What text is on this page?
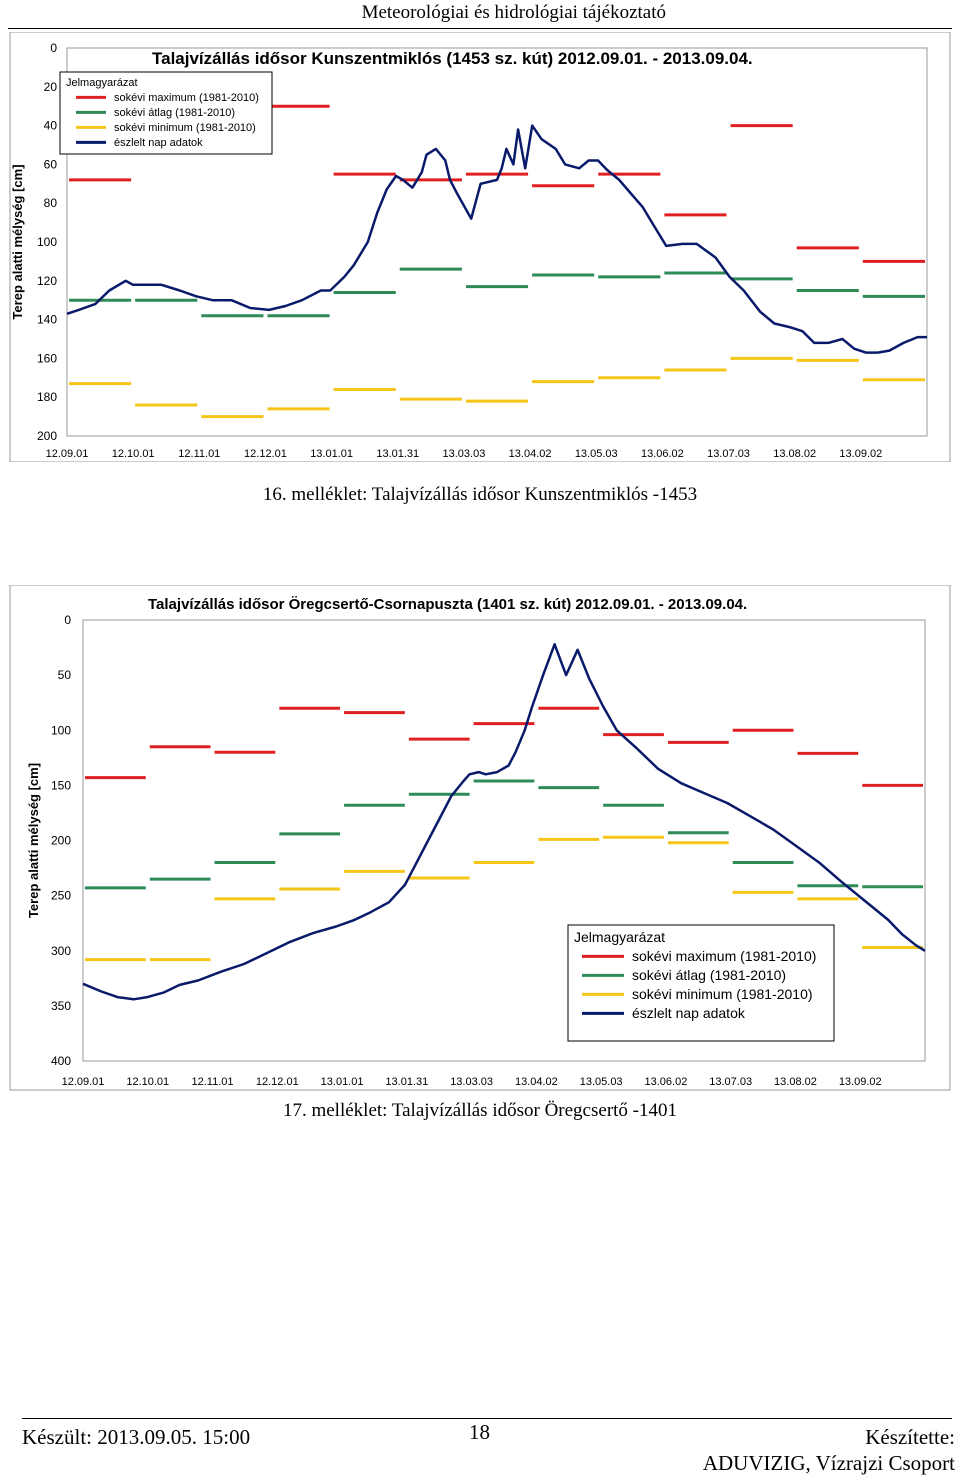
Meteorológiai és hidrológiai tájékoztató
0
20
40
60
80
100
120
140
160
180
200
12.09.01 12.10.01 12.11.01 12.12.01 13.01.01 13.01.31 13.03.03 13.04.02 13.05.03 13.06.02 13.07.03 13.08.02 13.09.02
Terep alatti mélység [cm]
Talajvízállás idősor Kunszentmiklós (1453 sz. kút) 2012.09.01. - 2013.09.04.
Jelmagyarázat
sokévi maximum (1981-2010)
sokévi átlag (1981-2010)
sokévi minimum (1981-2010)
észlelt nap adatok
16. melléklet: Talajvízállás idősor Kunszentmiklós -1453
0
50
100
150
200
250
300
350
400
12.09.01 12.10.01 12.11.01 12.12.01 13.01.01 13.01.31 13.03.03 13.04.02 13.05.03 13.06.02 13.07.03 13.08.02 13.09.02
Terep alatti mélység [cm]
Talajvízállás idősor Öregcsertő-Csornapuszta (1401 sz. kút) 2012.09.01. - 2013.09.04.
Jelmagyarázat
sokévi maximum (1981-2010)
sokévi átlag (1981-2010)
sokévi minimum (1981-2010)
észlelt nap adatok
17. melléklet: Talajvízállás idősor Öregcsertő -1401
Készült: 2013.09.05. 15:00	18	Készítette:
ADUVIZIG, Vízrajzi Csoport
